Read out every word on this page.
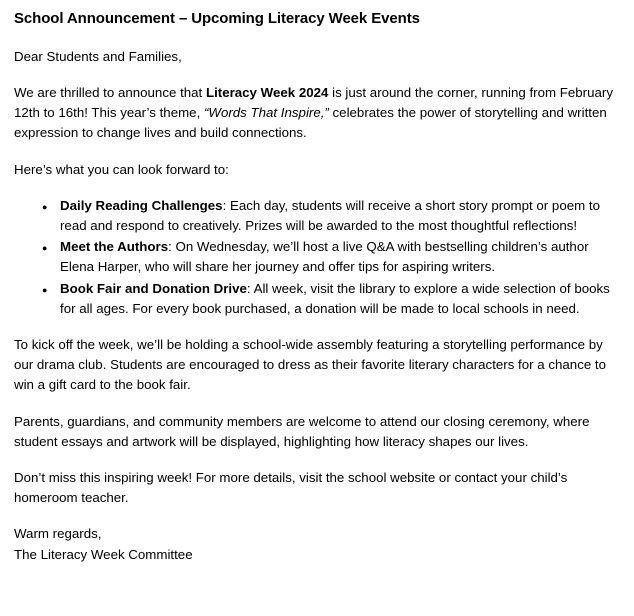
School Announcement – Upcoming Literacy Week Events

Dear Students and Families,

We are thrilled to announce that Literacy Week 2024 is just around the corner, running from February 12th to 16th! This year’s theme, “Words That Inspire,” celebrates the power of storytelling and written expression to change lives and build connections.

Here’s what you can look forward to:

● Daily Reading Challenges: Each day, students will receive a short story prompt or poem to read and respond to creatively. Prizes will be awarded to the most thoughtful reflections!
● Meet the Authors: On Wednesday, we’ll host a live Q&A with bestselling children’s author Elena Harper, who will share her journey and offer tips for aspiring writers.
● Book Fair and Donation Drive: All week, visit the library to explore a wide selection of books for all ages. For every book purchased, a donation will be made to local schools in need.

To kick off the week, we’ll be holding a school-wide assembly featuring a storytelling performance by our drama club. Students are encouraged to dress as their favorite literary characters for a chance to win a gift card to the book fair.

Parents, guardians, and community members are welcome to attend our closing ceremony, where student essays and artwork will be displayed, highlighting how literacy shapes our lives.

Don’t miss this inspiring week! For more details, visit the school website or contact your child’s homeroom teacher.

Warm regards,

The Literacy Week Committee
